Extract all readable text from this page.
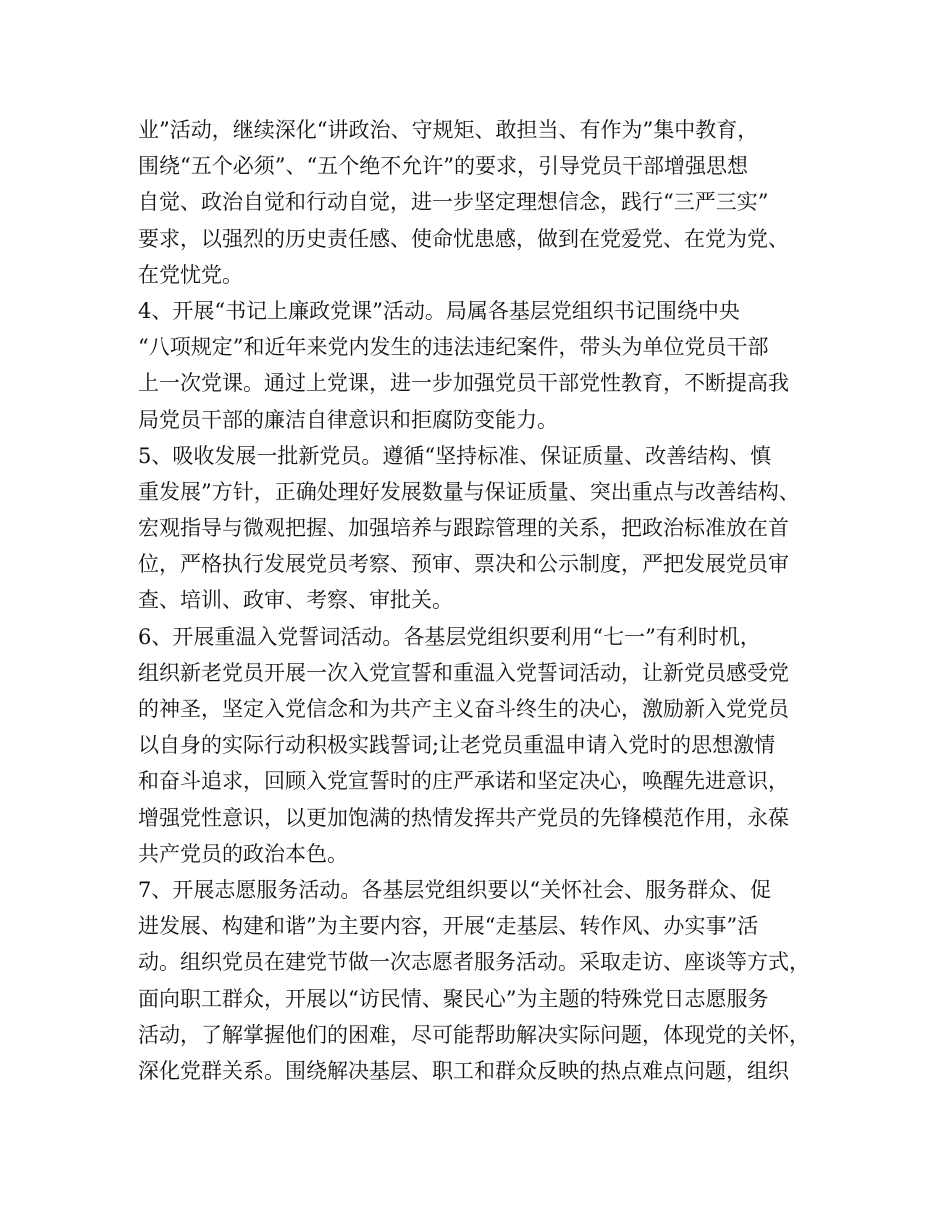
业”活动，继续深化“讲政治、守规矩、敢担当、有作为”集中教育，
围绕“五个必须”、“五个绝不允许”的要求，引导党员干部增强思想
自觉、政治自觉和行动自觉，进一步坚定理想信念，践行“三严三实”
要求，以强烈的历史责任感、使命忧患感，做到在党爱党、在党为党、
在党忧党。
4、开展“书记上廉政党课”活动。局属各基层党组织书记围绕中央
“八项规定”和近年来党内发生的违法违纪案件，带头为单位党员干部
上一次党课。通过上党课，进一步加强党员干部党性教育，不断提高我
局党员干部的廉洁自律意识和拒腐防变能力。
5、吸收发展一批新党员。遵循“坚持标准、保证质量、改善结构、慎
重发展”方针，正确处理好发展数量与保证质量、突出重点与改善结构、
宏观指导与微观把握、加强培养与跟踪管理的关系，把政治标准放在首
位，严格执行发展党员考察、预审、票决和公示制度，严把发展党员审
查、培训、政审、考察、审批关。
6、开展重温入党誓词活动。各基层党组织要利用“七一”有利时机，
组织新老党员开展一次入党宣誓和重温入党誓词活动，让新党员感受党
的神圣，坚定入党信念和为共产主义奋斗终生的决心，激励新入党党员
以自身的实际行动积极实践誓词;让老党员重温申请入党时的思想激情
和奋斗追求，回顾入党宣誓时的庄严承诺和坚定决心，唤醒先进意识，
增强党性意识，以更加饱满的热情发挥共产党员的先锋模范作用，永葆
共产党员的政治本色。
7、开展志愿服务活动。各基层党组织要以“关怀社会、服务群众、促
进发展、构建和谐”为主要内容，开展“走基层、转作风、办实事”活
动。组织党员在建党节做一次志愿者服务活动。采取走访、座谈等方式，
面向职工群众，开展以“访民情、聚民心”为主题的特殊党日志愿服务
活动，了解掌握他们的困难，尽可能帮助解决实际问题，体现党的关怀，
深化党群关系。围绕解决基层、职工和群众反映的热点难点问题，组织
